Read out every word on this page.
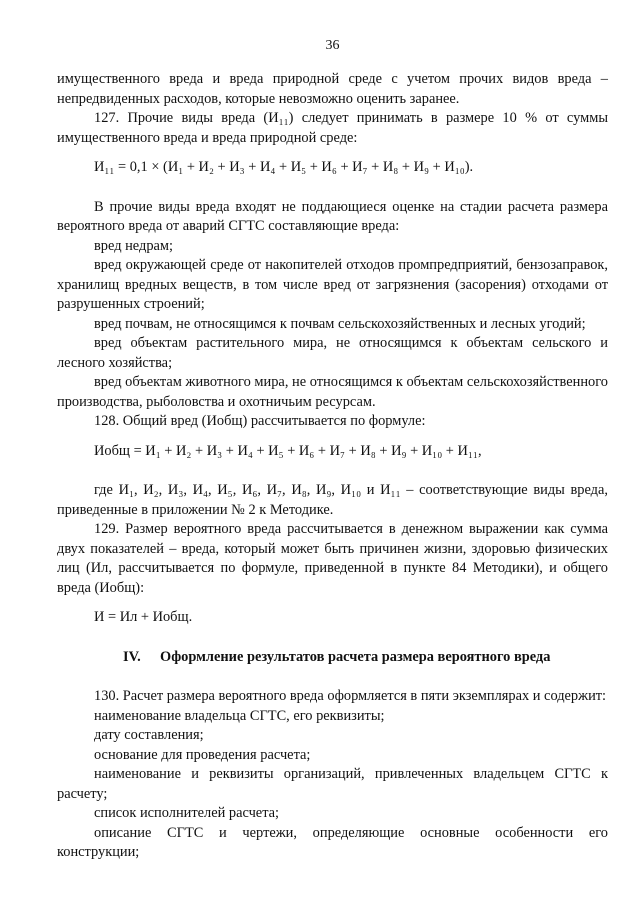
36

имущественного вреда и вреда природной среде с учетом прочих видов вреда – непредвиденных расходов, которые невозможно оценить заранее.

127. Прочие виды вреда (И₁₁) следует принимать в размере 10 % от суммы имущественного вреда и вреда природной среде:

И₁₁ = 0,1 × (И₁ + И₂ + И₃ + И₄ + И₅ + И₆ + И₇ + И₈ + И₉ + И₁₀).

В прочие виды вреда входят не поддающиеся оценке на стадии расчета размера вероятного вреда от аварий СГТС составляющие вреда:

вред недрам;

вред окружающей среде от накопителей отходов промпредприятий, бензозаправок, хранилищ вредных веществ, в том числе вред от загрязнения (засорения) отходами от разрушенных строений;

вред почвам, не относящимся к почвам сельскохозяйственных и лесных угодий;

вред объектам растительного мира, не относящимся к объектам сельского и лесного хозяйства;

вред объектам животного мира, не относящимся к объектам сельскохозяйственного производства, рыболовства и охотничьим ресурсам.

128. Общий вред (Иобщ) рассчитывается по формуле:

Иобщ = И₁ + И₂ + И₃ + И₄ + И₅ + И₆ + И₇ + И₈ + И₉ + И₁₀ + И₁₁,

где И₁, И₂, И₃, И₄, И₅, И₆, И₇, И₈, И₉, И₁₀ и И₁₁ – соответствующие виды вреда, приведенные в приложении № 2 к Методике.

129. Размер вероятного вреда рассчитывается в денежном выражении как сумма двух показателей – вреда, который может быть причинен жизни, здоровью физических лиц (Ил, рассчитывается по формуле, приведенной в пункте 84 Методики), и общего вреда (Иобщ):

И = Ил + Иобщ.
IV. Оформление результатов расчета размера вероятного вреда

130. Расчет размера вероятного вреда оформляется в пяти экземплярах и содержит:

наименование владельца СГТС, его реквизиты;

дату составления;

основание для проведения расчета;

наименование и реквизиты организаций, привлеченных владельцем СГТС к расчету;

список исполнителей расчета;

описание СГТС и чертежи, определяющие основные особенности его конструкции;
